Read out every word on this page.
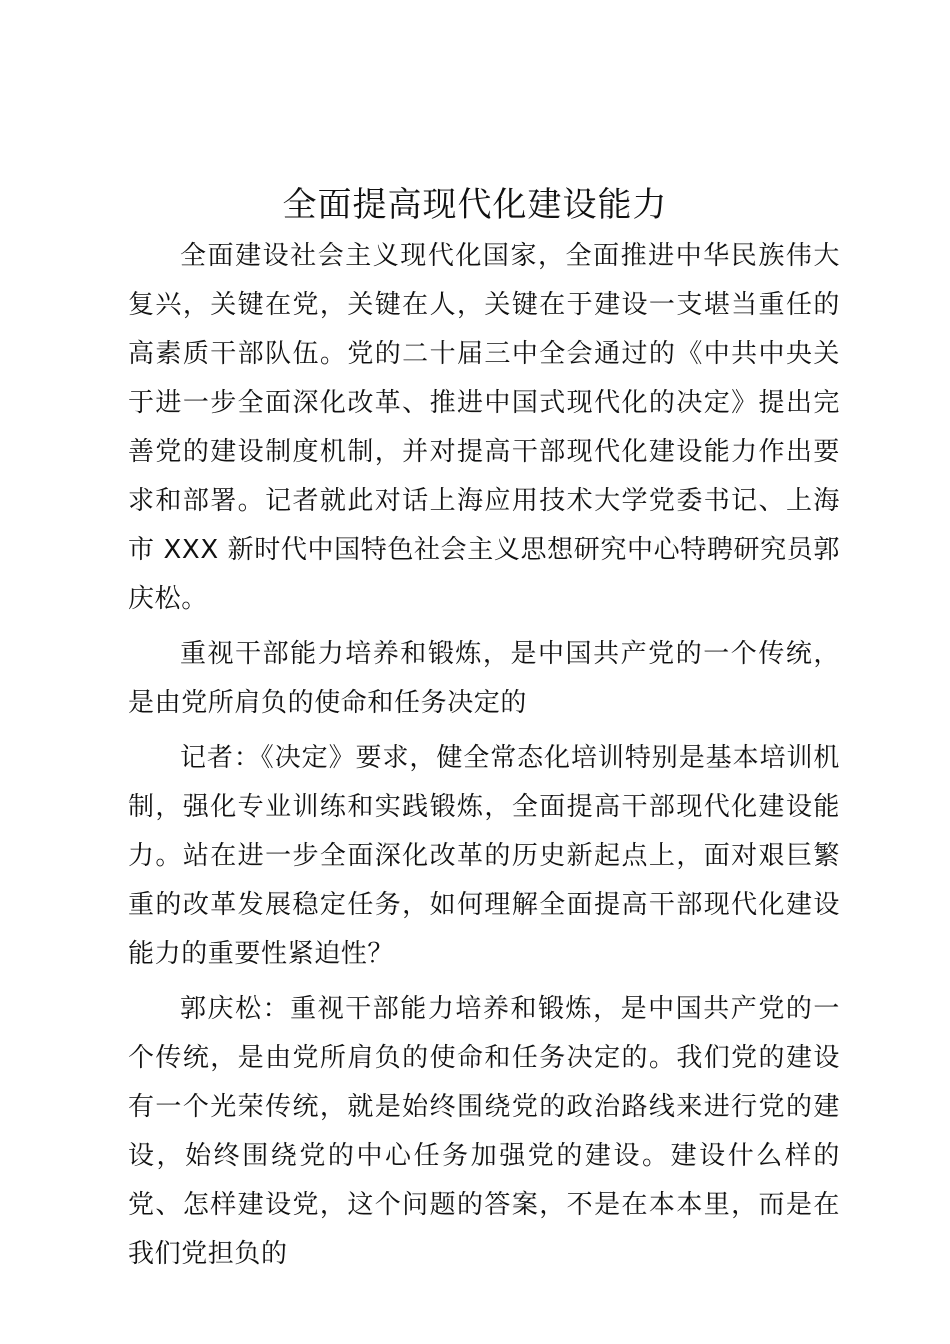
全面提高现代化建设能力

全面建设社会主义现代化国家，全面推进中华民族伟大复兴，关键在党，关键在人，关键在于建设一支堪当重任的高素质干部队伍。党的二十届三中全会通过的《中共中央关于进一步全面深化改革、推进中国式现代化的决定》提出完善党的建设制度机制，并对提高干部现代化建设能力作出要求和部署。记者就此对话上海应用技术大学党委书记、上海市 XXX 新时代中国特色社会主义思想研究中心特聘研究员郭庆松。

重视干部能力培养和锻炼，是中国共产党的一个传统，是由党所肩负的使命和任务决定的

记者：《决定》要求，健全常态化培训特别是基本培训机制，强化专业训练和实践锻炼，全面提高干部现代化建设能力。站在进一步全面深化改革的历史新起点上，面对艰巨繁重的改革发展稳定任务，如何理解全面提高干部现代化建设能力的重要性紧迫性？

郭庆松：重视干部能力培养和锻炼，是中国共产党的一个传统，是由党所肩负的使命和任务决定的。我们党的建设有一个光荣传统，就是始终围绕党的政治路线来进行党的建设，始终围绕党的中心任务加强党的建设。建设什么样的党、怎样建设党，这个问题的答案，不是在本本里，而是在我们党担负的
